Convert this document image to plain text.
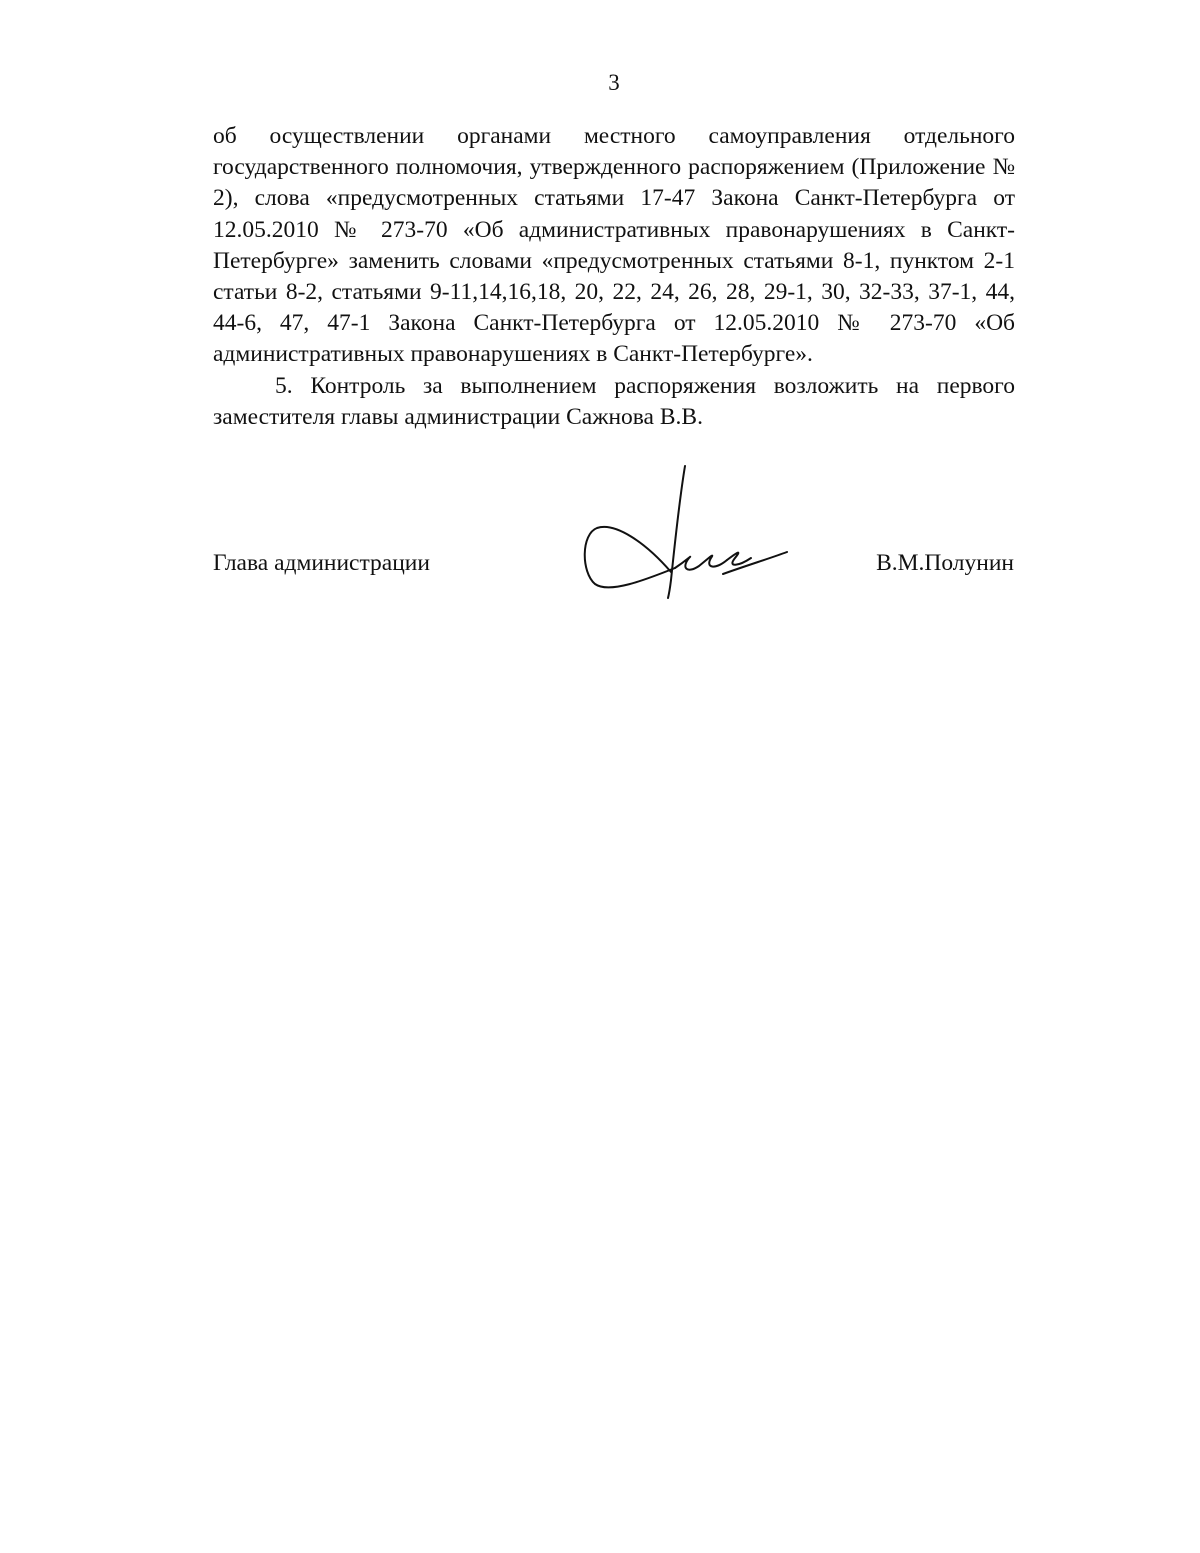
3

об осуществлении органами местного самоуправления отдельного государственного полномочия, утвержденного распоряжением (Приложение № 2), слова «предусмотренных статьями 17-47 Закона Санкт-Петербурга от 12.05.2010 № 273-70 «Об административных правонарушениях в Санкт-Петербурге» заменить словами «предусмотренных статьями 8-1, пунктом 2-1 статьи 8-2, статьями 9-11,14,16,18, 20, 22, 24, 26, 28, 29-1, 30, 32-33, 37-1, 44, 44-6, 47, 47-1 Закона Санкт-Петербурга от 12.05.2010 № 273-70 «Об административных правонарушениях в Санкт-Петербурге».

5. Контроль за выполнением распоряжения возложить на первого заместителя главы администрации Сажнова В.В.

Глава администрации	В.М.Полунин
